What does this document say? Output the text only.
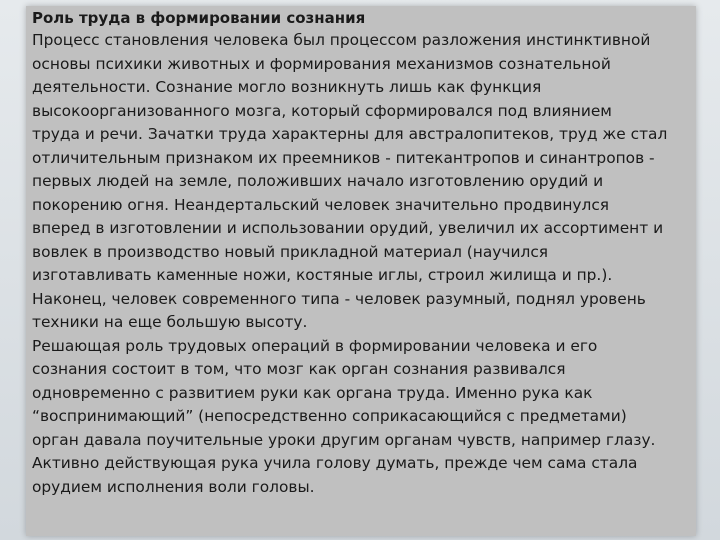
Роль труда в формировании сознания

Процесс становления человека был процессом разложения инстинктивной
основы психики животных и формирования механизмов сознательной
деятельности. Сознание могло возникнуть лишь как функция
высокоорганизованного мозга, который сформировался под влиянием
труда и речи. Зачатки труда характерны для австралопитеков, труд же стал
отличительным признаком их преемников - питекантропов и синантропов -
первых людей на земле, положивших начало изготовлению орудий и
покорению огня. Неандертальский человек значительно продвинулся
вперед в изготовлении и использовании орудий, увеличил их ассортимент и
вовлек в производство новый прикладной материал (научился
изготавливать каменные ножи, костяные иглы, строил жилища и пр.).
Наконец, человек современного типа - человек разумный, поднял уровень
техники на еще большую высоту.

Решающая роль трудовых операций в формировании человека и его
сознания состоит в том, что мозг как орган сознания развивался
одновременно с развитием руки как органа труда. Именно рука как
“воспринимающий” (непосредственно соприкасающийся с предметами)
орган давала поучительные уроки другим органам чувств, например глазу.
Активно действующая рука учила голову думать, прежде чем сама стала
орудием исполнения воли головы.
